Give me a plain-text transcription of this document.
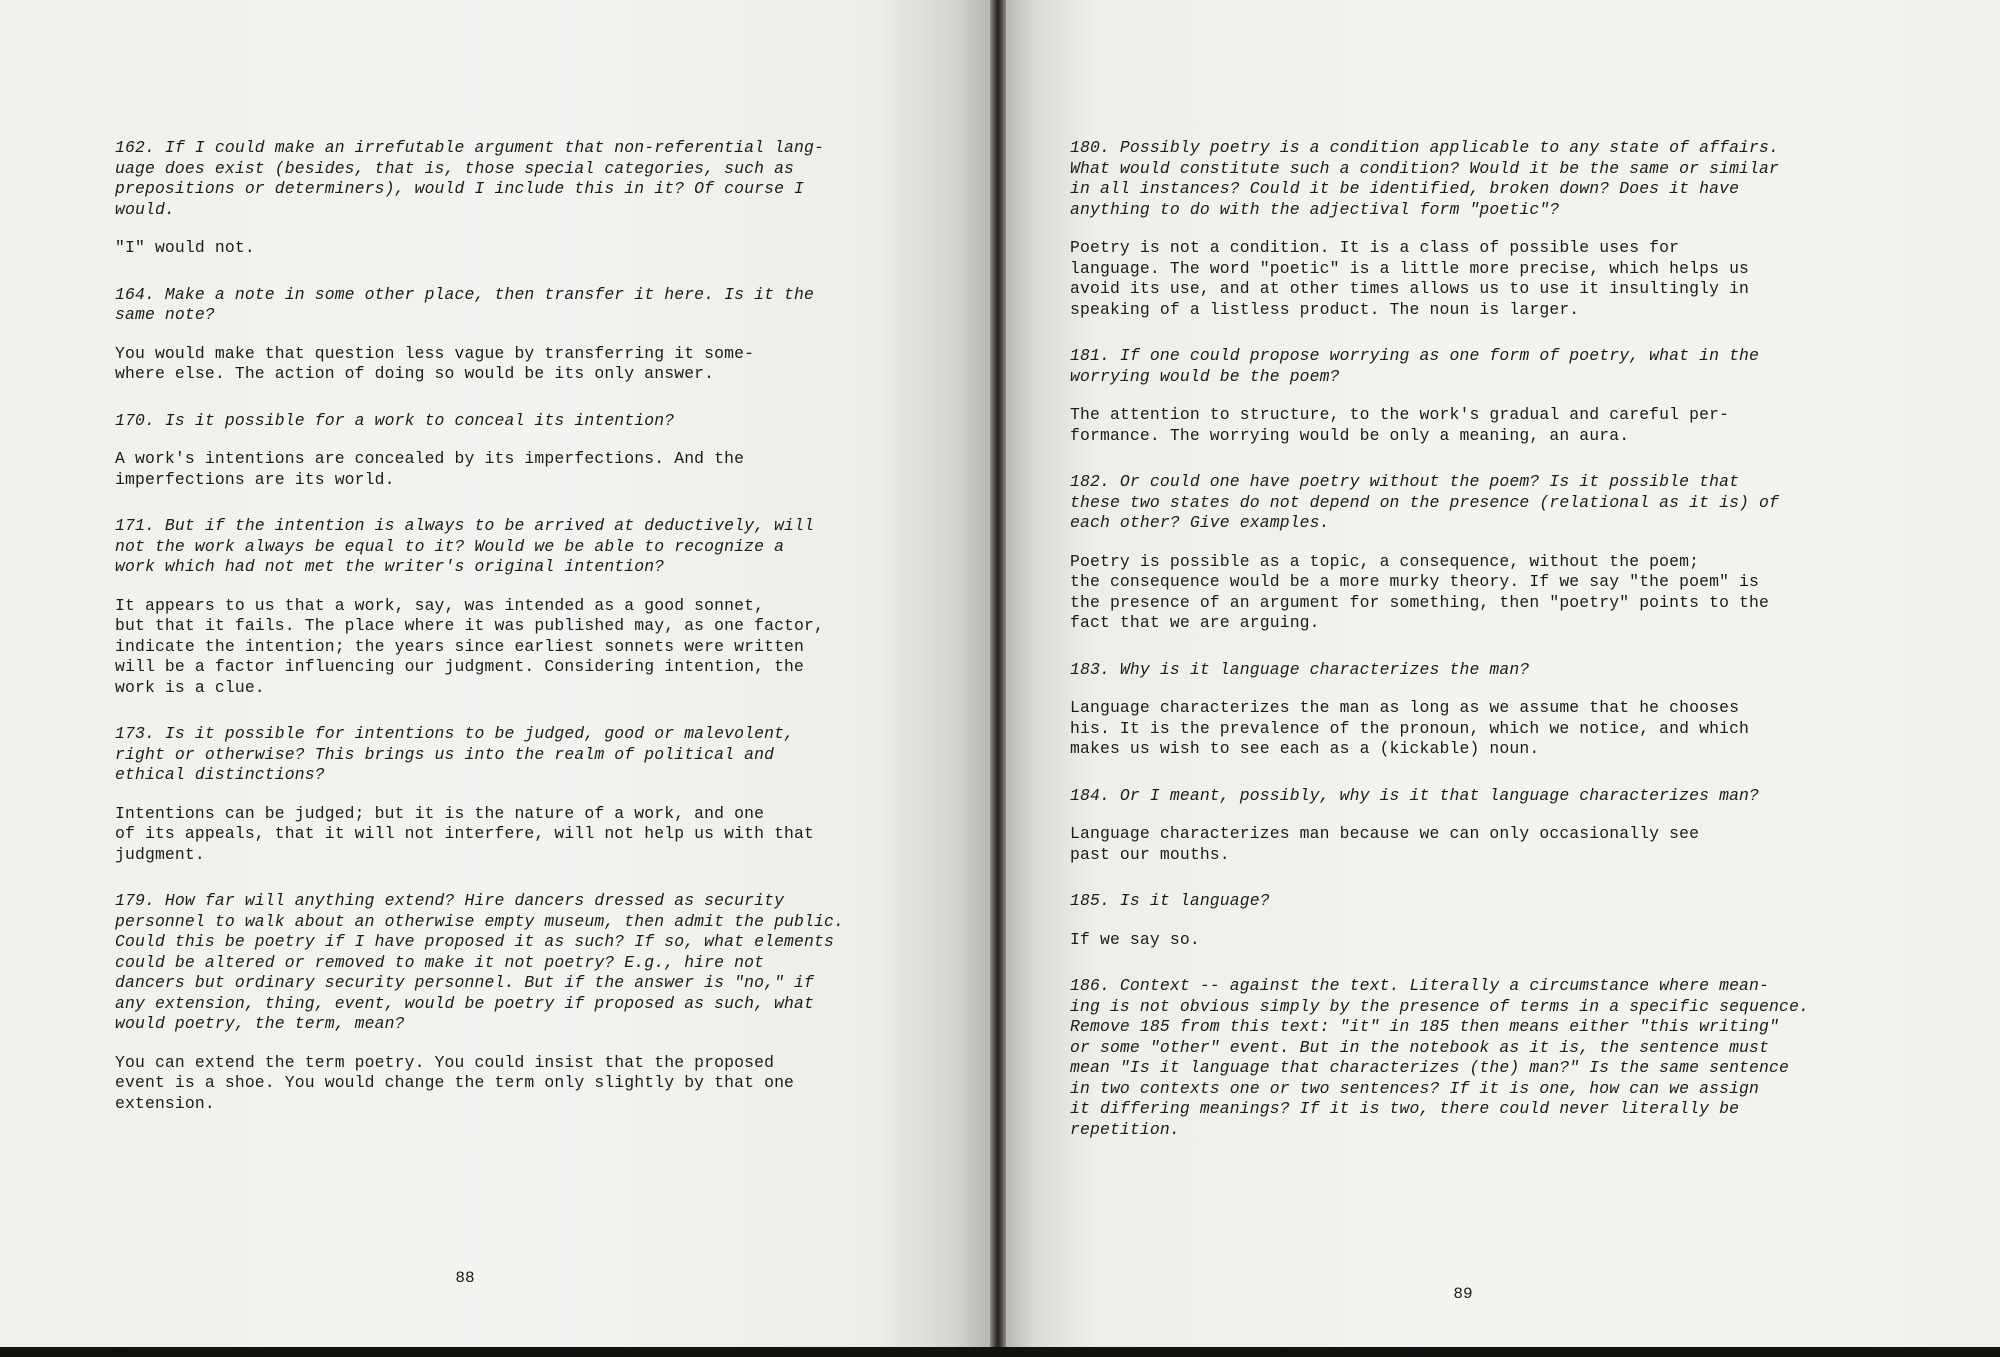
162. If I could make an irrefutable argument that non-referential lang-
uage does exist (besides, that is, those special categories, such as
prepositions or determiners), would I include this in it? Of course I
would.

"I" would not.

164. Make a note in some other place, then transfer it here. Is it the
same note?

You would make that question less vague by transferring it some-
where else. The action of doing so would be its only answer.

170. Is it possible for a work to conceal its intention?

A work's intentions are concealed by its imperfections. And the
imperfections are its world.

171. But if the intention is always to be arrived at deductively, will
not the work always be equal to it? Would we be able to recognize a
work which had not met the writer's original intention?

It appears to us that a work, say, was intended as a good sonnet,
but that it fails. The place where it was published may, as one factor,
indicate the intention; the years since earliest sonnets were written
will be a factor influencing our judgment. Considering intention, the
work is a clue.

173. Is it possible for intentions to be judged, good or malevolent,
right or otherwise? This brings us into the realm of political and
ethical distinctions?

Intentions can be judged; but it is the nature of a work, and one
of its appeals, that it will not interfere, will not help us with that
judgment.

179. How far will anything extend? Hire dancers dressed as security
personnel to walk about an otherwise empty museum, then admit the public.
Could this be poetry if I have proposed it as such? If so, what elements
could be altered or removed to make it not poetry? E.g., hire not
dancers but ordinary security personnel. But if the answer is "no," if
any extension, thing, event, would be poetry if proposed as such, what
would poetry, the term, mean?

You can extend the term poetry. You could insist that the proposed
event is a shoe. You would change the term only slightly by that one
extension.

88

180. Possibly poetry is a condition applicable to any state of affairs.
What would constitute such a condition? Would it be the same or similar
in all instances? Could it be identified, broken down? Does it have
anything to do with the adjectival form "poetic"?

Poetry is not a condition. It is a class of possible uses for
language. The word "poetic" is a little more precise, which helps us
avoid its use, and at other times allows us to use it insultingly in
speaking of a listless product. The noun is larger.

181. If one could propose worrying as one form of poetry, what in the
worrying would be the poem?

The attention to structure, to the work's gradual and careful per-
formance. The worrying would be only a meaning, an aura.

182. Or could one have poetry without the poem? Is it possible that
these two states do not depend on the presence (relational as it is) of
each other? Give examples.

Poetry is possible as a topic, a consequence, without the poem;
the consequence would be a more murky theory. If we say "the poem" is
the presence of an argument for something, then "poetry" points to the
fact that we are arguing.

183. Why is it language characterizes the man?

Language characterizes the man as long as we assume that he chooses
his. It is the prevalence of the pronoun, which we notice, and which
makes us wish to see each as a (kickable) noun.

184. Or I meant, possibly, why is it that language characterizes man?

Language characterizes man because we can only occasionally see
past our mouths.

185. Is it language?

If we say so.

186. Context -- against the text. Literally a circumstance where mean-
ing is not obvious simply by the presence of terms in a specific sequence.
Remove 185 from this text: "it" in 185 then means either "this writing"
or some "other" event. But in the notebook as it is, the sentence must
mean "Is it language that characterizes (the) man?" Is the same sentence
in two contexts one or two sentences? If it is one, how can we assign
it differing meanings? If it is two, there could never literally be
repetition.

89
